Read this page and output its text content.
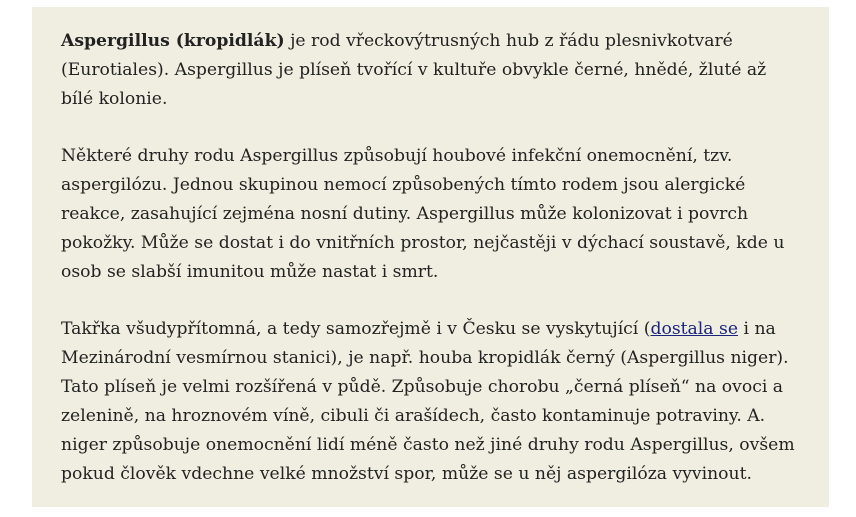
Aspergillus (kropidlák) je rod vřeckovýtrusných hub z řádu plesnivkotvaré (Eurotiales). Aspergillus je plíseň tvořící v kultuře obvykle černé, hnědé, žluté až bílé kolonie.

Některé druhy rodu Aspergillus způsobují houbové infekční onemocnění, tzv. aspergilózu. Jednou skupinou nemocí způsobených tímto rodem jsou alergické reakce, zasahující zejména nosní dutiny. Aspergillus může kolonizovat i povrch pokožky. Může se dostat i do vnitřních prostor, nejčastěji v dýchací soustavě, kde u osob se slabší imunitou může nastat i smrt.

Takřka všudypřítomná, a tedy samozřejmě i v Česku se vyskytující (dostala se i na Mezinárodní vesmírnou stanici), je např. houba kropidlák černý (Aspergillus niger). Tato plíseň je velmi rozšířená v půdě. Způsobuje chorobu „černá plíseň“ na ovoci a zelenině, na hroznovém víně, cibuli či arašídech, často kontaminuje potraviny. A. niger způsobuje onemocnění lidí méně často než jiné druhy rodu Aspergillus, ovšem pokud člověk vdechne velké množství spor, může se u něj aspergilóza vyvinout.
